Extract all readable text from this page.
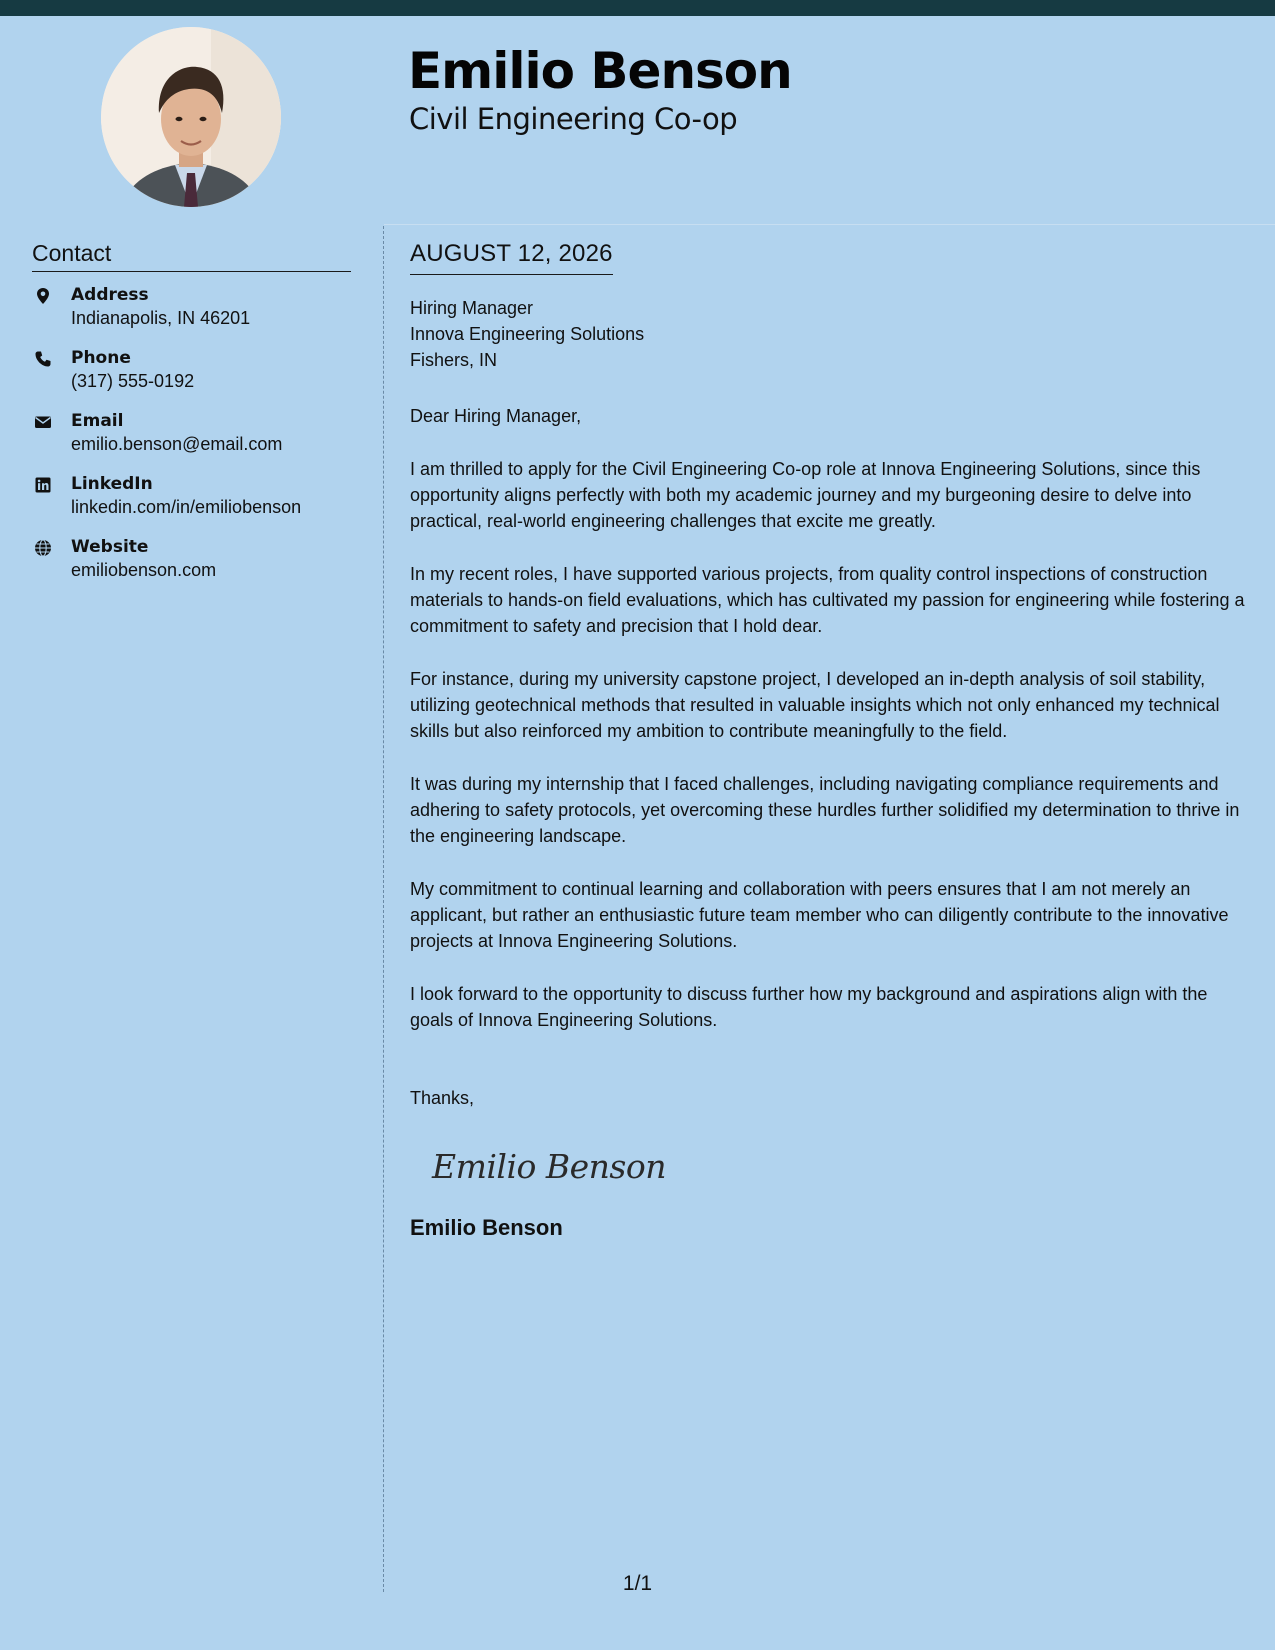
Emilio Benson
Civil Engineering Co-op
Contact
Address
Indianapolis, IN 46201
Phone
(317) 555-0192
Email
emilio.benson@email.com
LinkedIn
linkedin.com/in/emiliobenson
Website
emiliobenson.com
AUGUST 12, 2026
Hiring Manager
Innova Engineering Solutions
Fishers, IN
Dear Hiring Manager,
I am thrilled to apply for the Civil Engineering Co-op role at Innova Engineering Solutions, since this opportunity aligns perfectly with both my academic journey and my burgeoning desire to delve into practical, real-world engineering challenges that excite me greatly.
In my recent roles, I have supported various projects, from quality control inspections of construction materials to hands-on field evaluations, which has cultivated my passion for engineering while fostering a commitment to safety and precision that I hold dear.
For instance, during my university capstone project, I developed an in-depth analysis of soil stability, utilizing geotechnical methods that resulted in valuable insights which not only enhanced my technical skills but also reinforced my ambition to contribute meaningfully to the field.
It was during my internship that I faced challenges, including navigating compliance requirements and adhering to safety protocols, yet overcoming these hurdles further solidified my determination to thrive in the engineering landscape.
My commitment to continual learning and collaboration with peers ensures that I am not merely an applicant, but rather an enthusiastic future team member who can diligently contribute to the innovative projects at Innova Engineering Solutions.
I look forward to the opportunity to discuss further how my background and aspirations align with the goals of Innova Engineering Solutions.
Thanks,
Emilio Benson
Emilio Benson
1/1
